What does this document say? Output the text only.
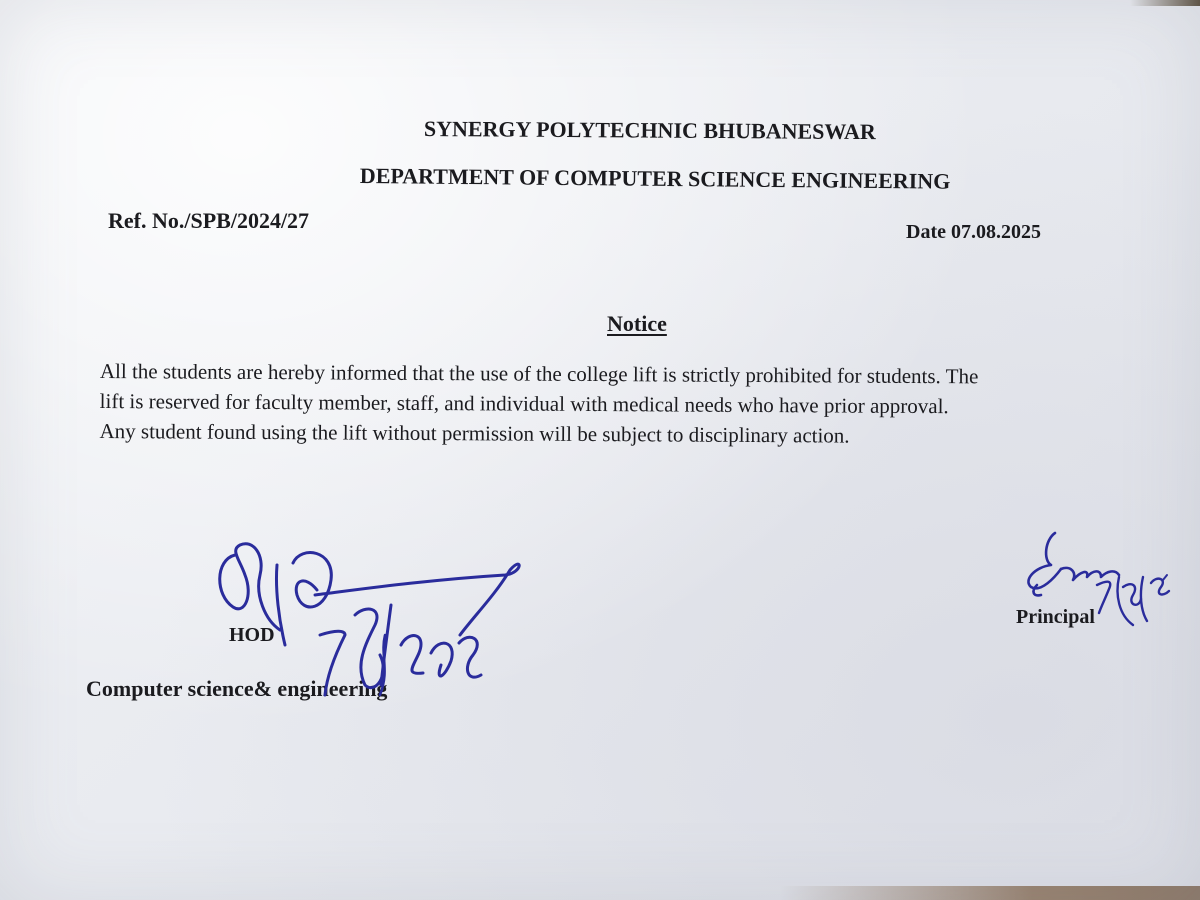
SYNERGY POLYTECHNIC BHUBANESWAR
DEPARTMENT OF COMPUTER SCIENCE ENGINEERING
Ref. No./SPB/2024/27	Date 07.08.2025
Notice
All the students are hereby informed that the use of the college lift is strictly prohibited for students. The
lift is reserved for faculty member, staff, and individual with medical needs who have prior approval.
Any student found using the lift without permission will be subject to disciplinary action.
HOD
Computer science& engineering
Principal
